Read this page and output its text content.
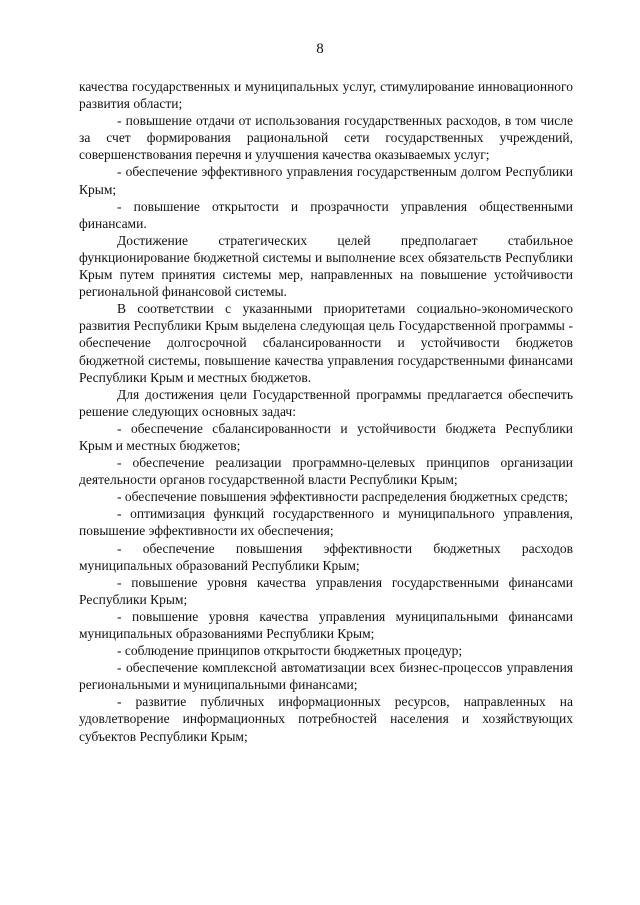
8

качества государственных и муниципальных услуг, стимулирование инновационного развития области;

- повышение отдачи от использования государственных расходов, в том числе за счет формирования рациональной сети государственных учреждений, совершенствования перечня и улучшения качества оказываемых услуг;

- обеспечение эффективного управления государственным долгом Республики Крым;

- повышение открытости и прозрачности управления общественными финансами.

Достижение стратегических целей предполагает стабильное функционирование бюджетной системы и выполнение всех обязательств Республики Крым путем принятия системы мер, направленных на повышение устойчивости региональной финансовой системы.

В соответствии с указанными приоритетами социально-экономического развития Республики Крым выделена следующая цель Государственной программы - обеспечение долгосрочной сбалансированности и устойчивости бюджетов бюджетной системы, повышение качества управления государственными финансами Республики Крым и местных бюджетов.

Для достижения цели Государственной программы предлагается обеспечить решение следующих основных задач:

- обеспечение сбалансированности и устойчивости бюджета Республики Крым и местных бюджетов;

- обеспечение реализации программно-целевых принципов организации деятельности органов государственной власти Республики Крым;

- обеспечение повышения эффективности распределения бюджетных средств;

- оптимизация функций государственного и муниципального управления, повышение эффективности их обеспечения;

- обеспечение повышения эффективности бюджетных расходов муниципальных образований Республики Крым;

- повышение уровня качества управления государственными финансами Республики Крым;

- повышение уровня качества управления муниципальными финансами муниципальных образованиями Республики Крым;

- соблюдение принципов открытости бюджетных процедур;

- обеспечение комплексной автоматизации всех бизнес-процессов управления региональными и муниципальными финансами;

- развитие публичных информационных ресурсов, направленных на удовлетворение информационных потребностей населения и хозяйствующих субъектов Республики Крым;
